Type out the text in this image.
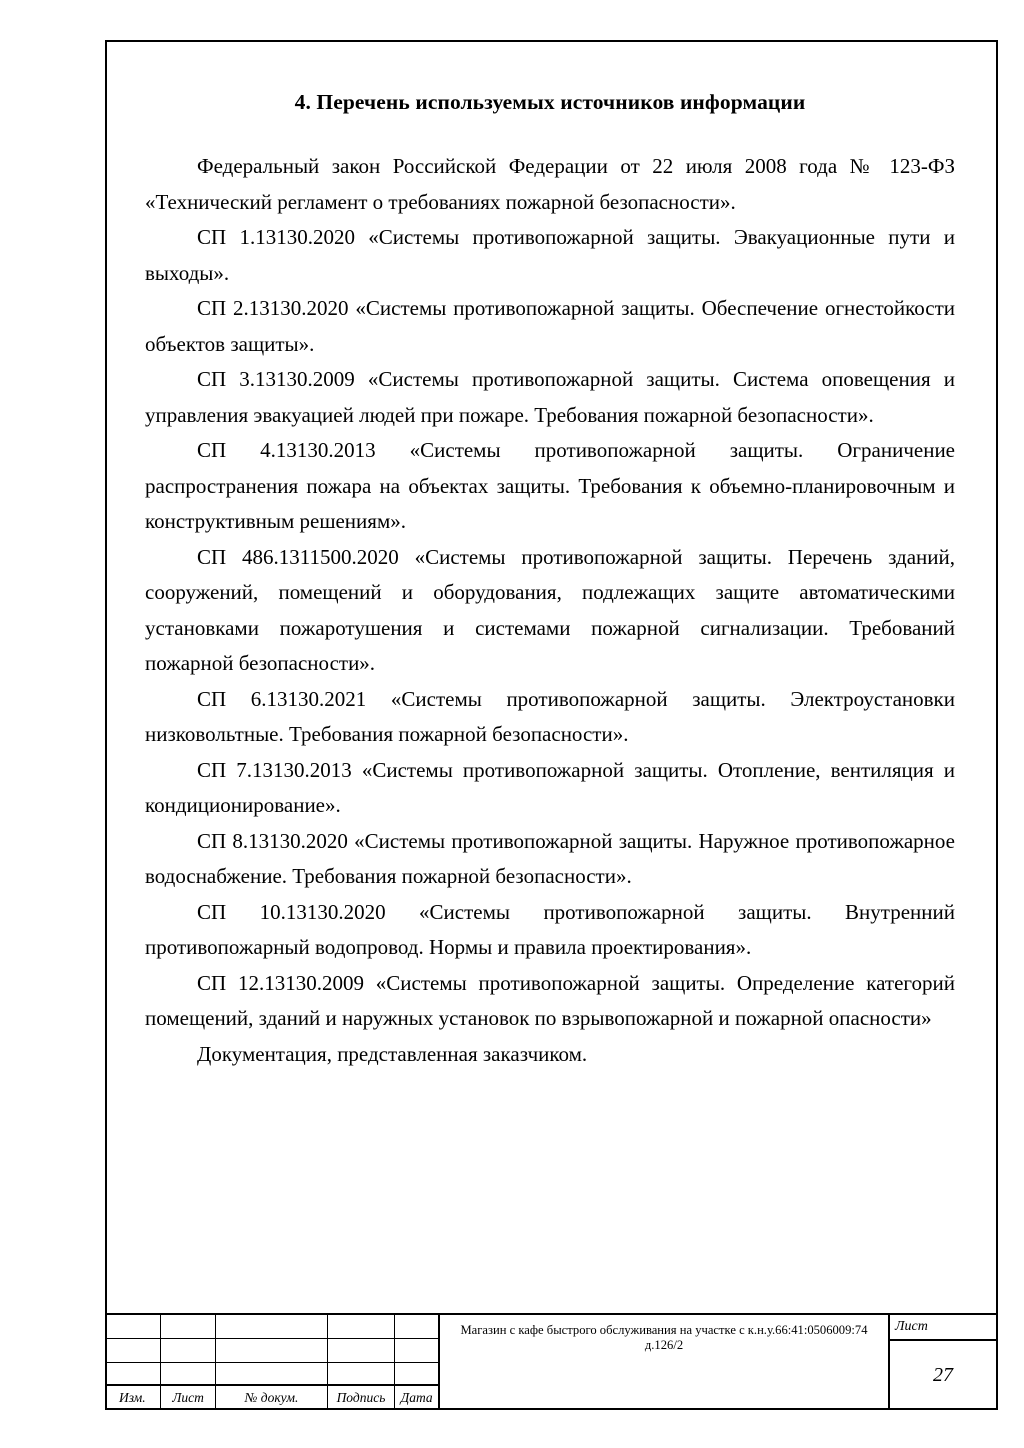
4. Перечень используемых источников информации

Федеральный закон Российской Федерации от 22 июля 2008 года № 123-ФЗ «Технический регламент о требованиях пожарной безопасности».

СП 1.13130.2020 «Системы противопожарной защиты. Эвакуационные пути и выходы».

СП 2.13130.2020 «Системы противопожарной защиты. Обеспечение огнестойкости объектов защиты».

СП 3.13130.2009 «Системы противопожарной защиты. Система оповещения и управления эвакуацией людей при пожаре. Требования пожарной безопасности».

СП 4.13130.2013 «Системы противопожарной защиты. Ограничение распространения пожара на объектах защиты. Требования к объемно-планировочным и конструктивным решениям».

СП 486.1311500.2020 «Системы противопожарной защиты. Перечень зданий, сооружений, помещений и оборудования, подлежащих защите автоматическими установками пожаротушения и системами пожарной сигнализации. Требований пожарной безопасности».

СП 6.13130.2021 «Системы противопожарной защиты. Электроустановки низковольтные. Требования пожарной безопасности».

СП 7.13130.2013 «Системы противопожарной защиты. Отопление, вентиляция и кондиционирование».

СП 8.13130.2020 «Системы противопожарной защиты. Наружное противопожарное водоснабжение. Требования пожарной безопасности».

СП 10.13130.2020 «Системы противопожарной защиты. Внутренний противопожарный водопровод. Нормы и правила проектирования».

СП 12.13130.2009 «Системы противопожарной защиты. Определение категорий помещений, зданий и наружных установок по взрывопожарной и пожарной опасности»

Документация, представленная заказчиком.

Изм.	Лист	№ докум.	Подпись	Дата
Магазин с кафе быстрого обслуживания на участке с к.н.у.66:41:0506009:74 д.126/2
Лист
27
